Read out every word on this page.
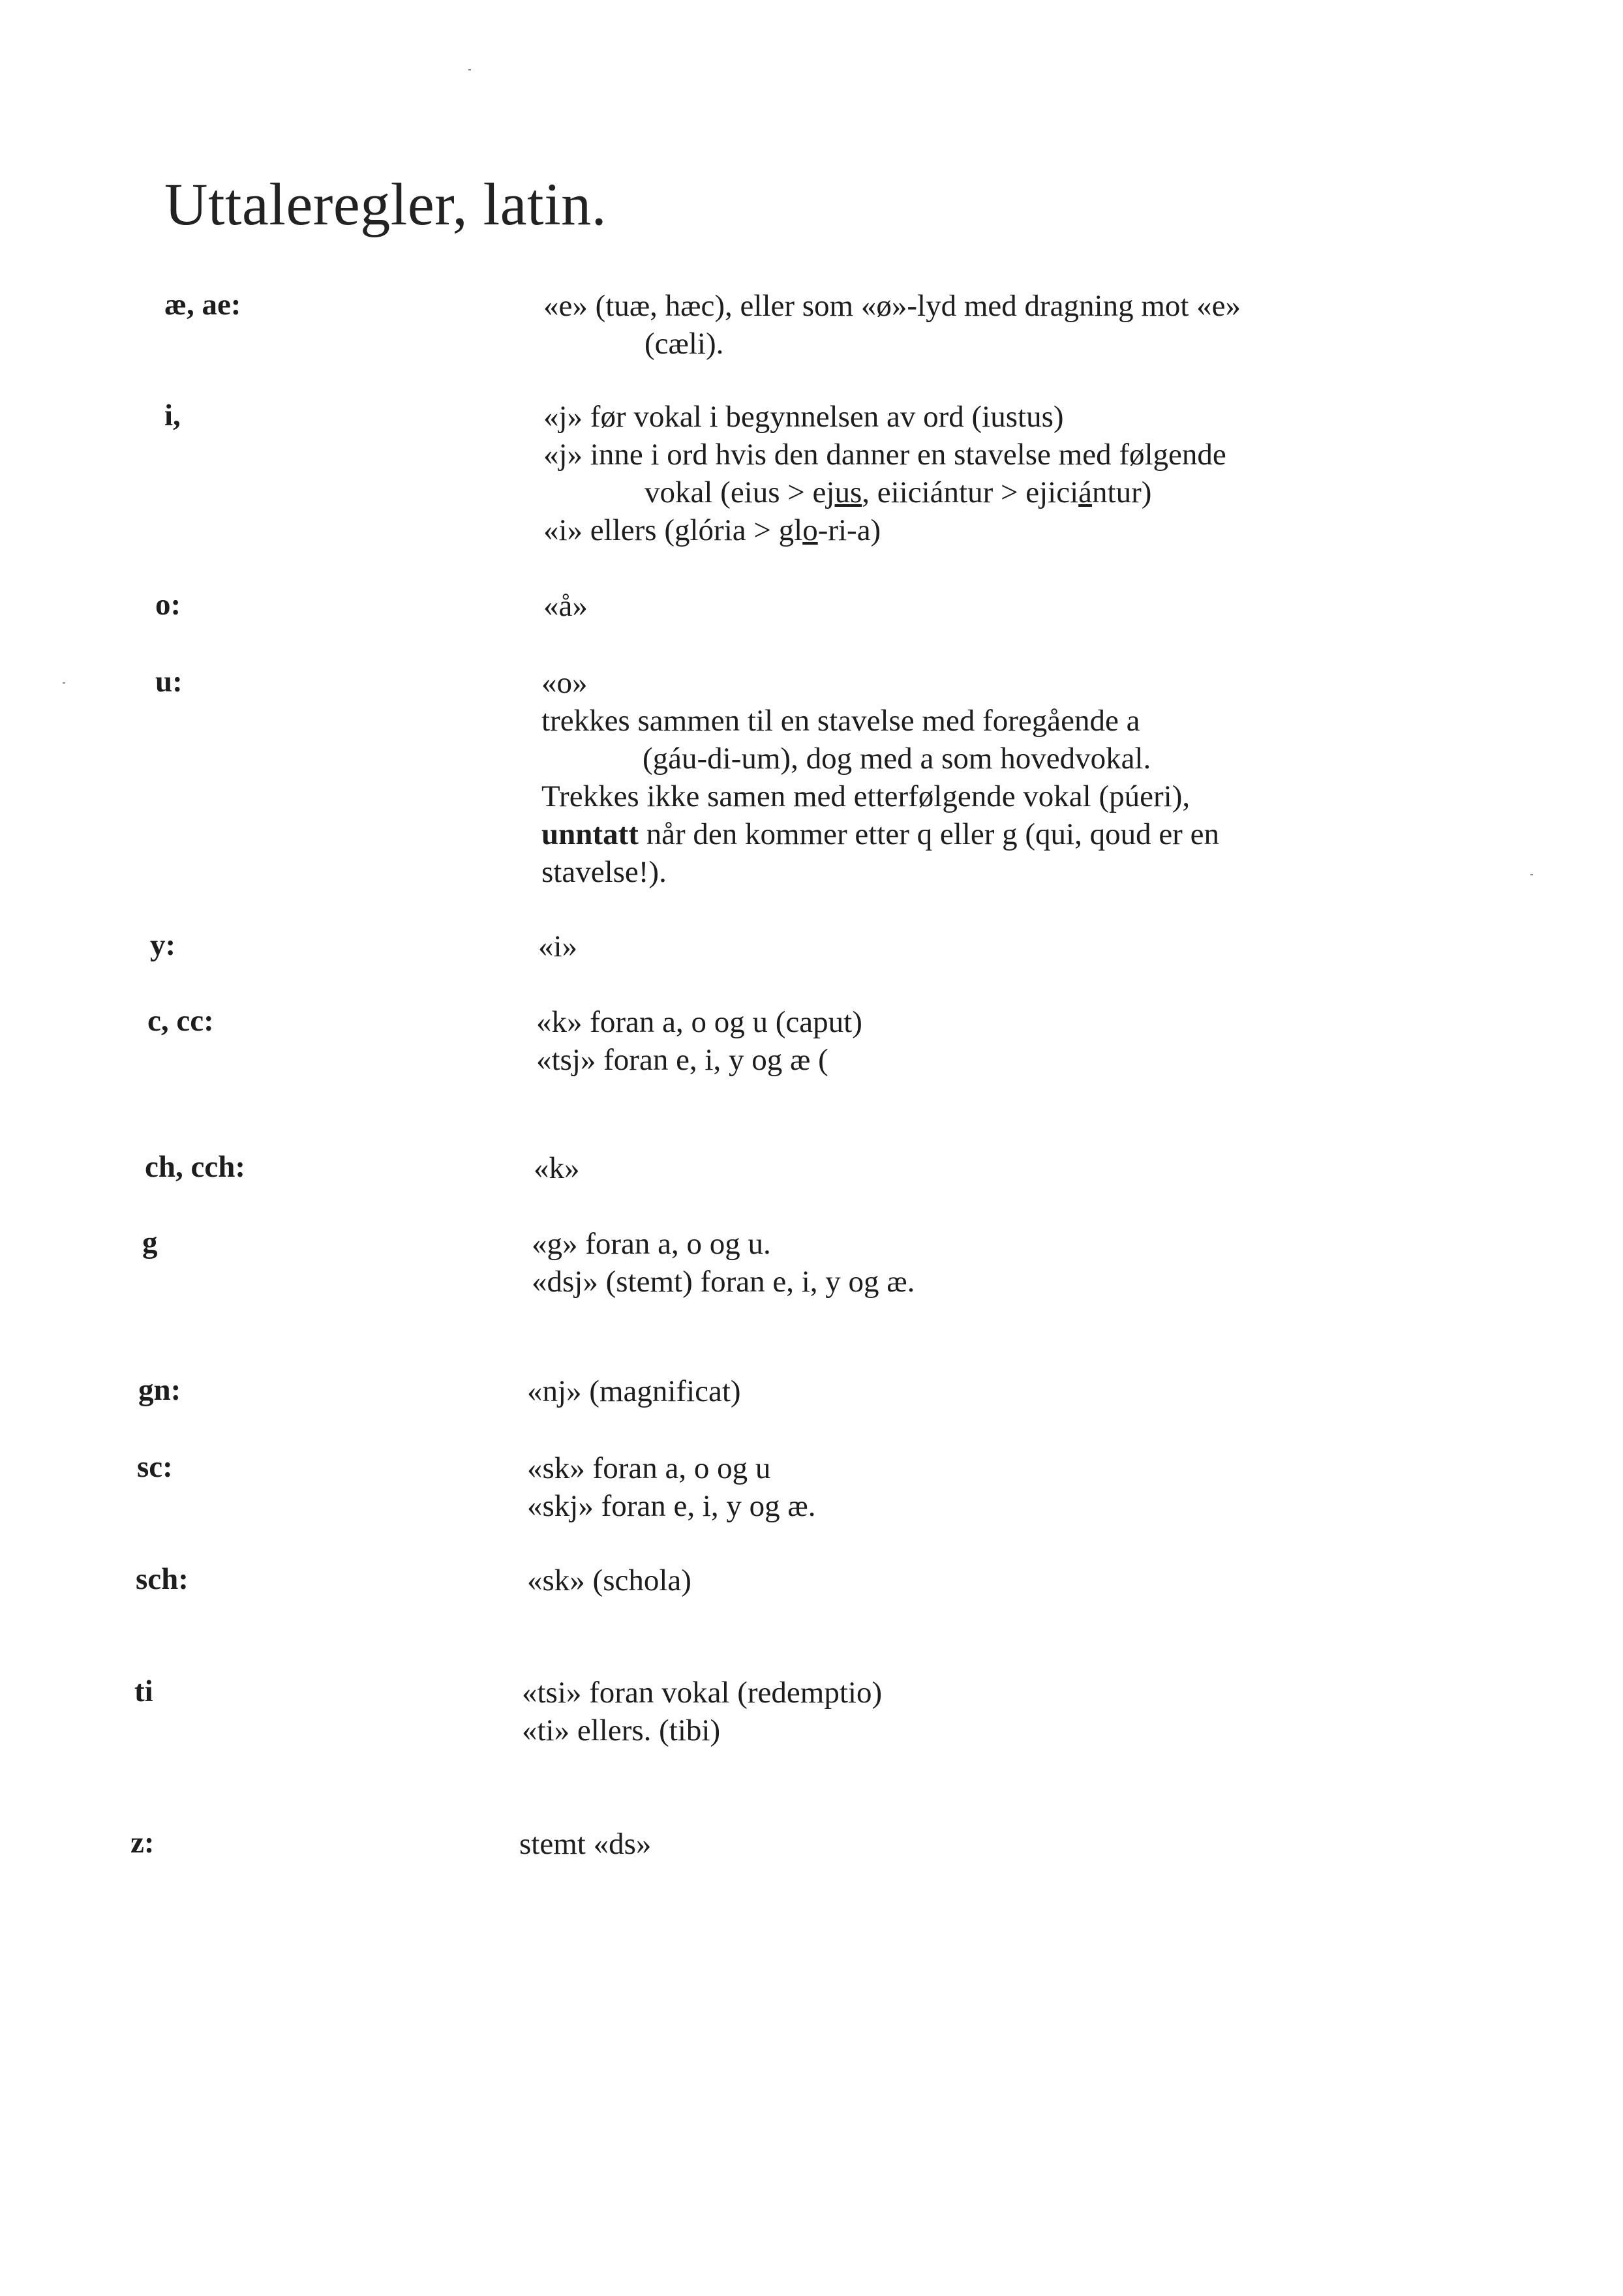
Uttaleregler, latin.
æ, ae:	«e» (tuæ, hæc), eller som «ø»-lyd med dragning mot «e»
(cæli).
i,	«j» før vokal i begynnelsen av ord (iustus)
«j» inne i ord hvis den danner en stavelse med følgende
vokal (eius > ejus, eiiciántur > ejiciántur)
«i» ellers (glória > glo-ri-a)
o:	«å»
u:	«o»
trekkes sammen til en stavelse med foregående a
(gáu-di-um), dog med a som hovedvokal.
Trekkes ikke samen med etterfølgende vokal (púeri),
unntatt når den kommer etter q eller g (qui, qoud er en
stavelse!).
y:	«i»
c, cc:	«k» foran a, o og u (caput)
«tsj» foran e, i, y og æ (
ch, cch:	«k»
g	«g» foran a, o og u.
«dsj» (stemt) foran e, i, y og æ.
gn:	«nj» (magnificat)
sc:	«sk» foran a, o og u
«skj» foran e, i, y og æ.
sch:	«sk» (schola)
ti	«tsi» foran vokal (redemptio)
«ti» ellers. (tibi)
z:	stemt «ds»
